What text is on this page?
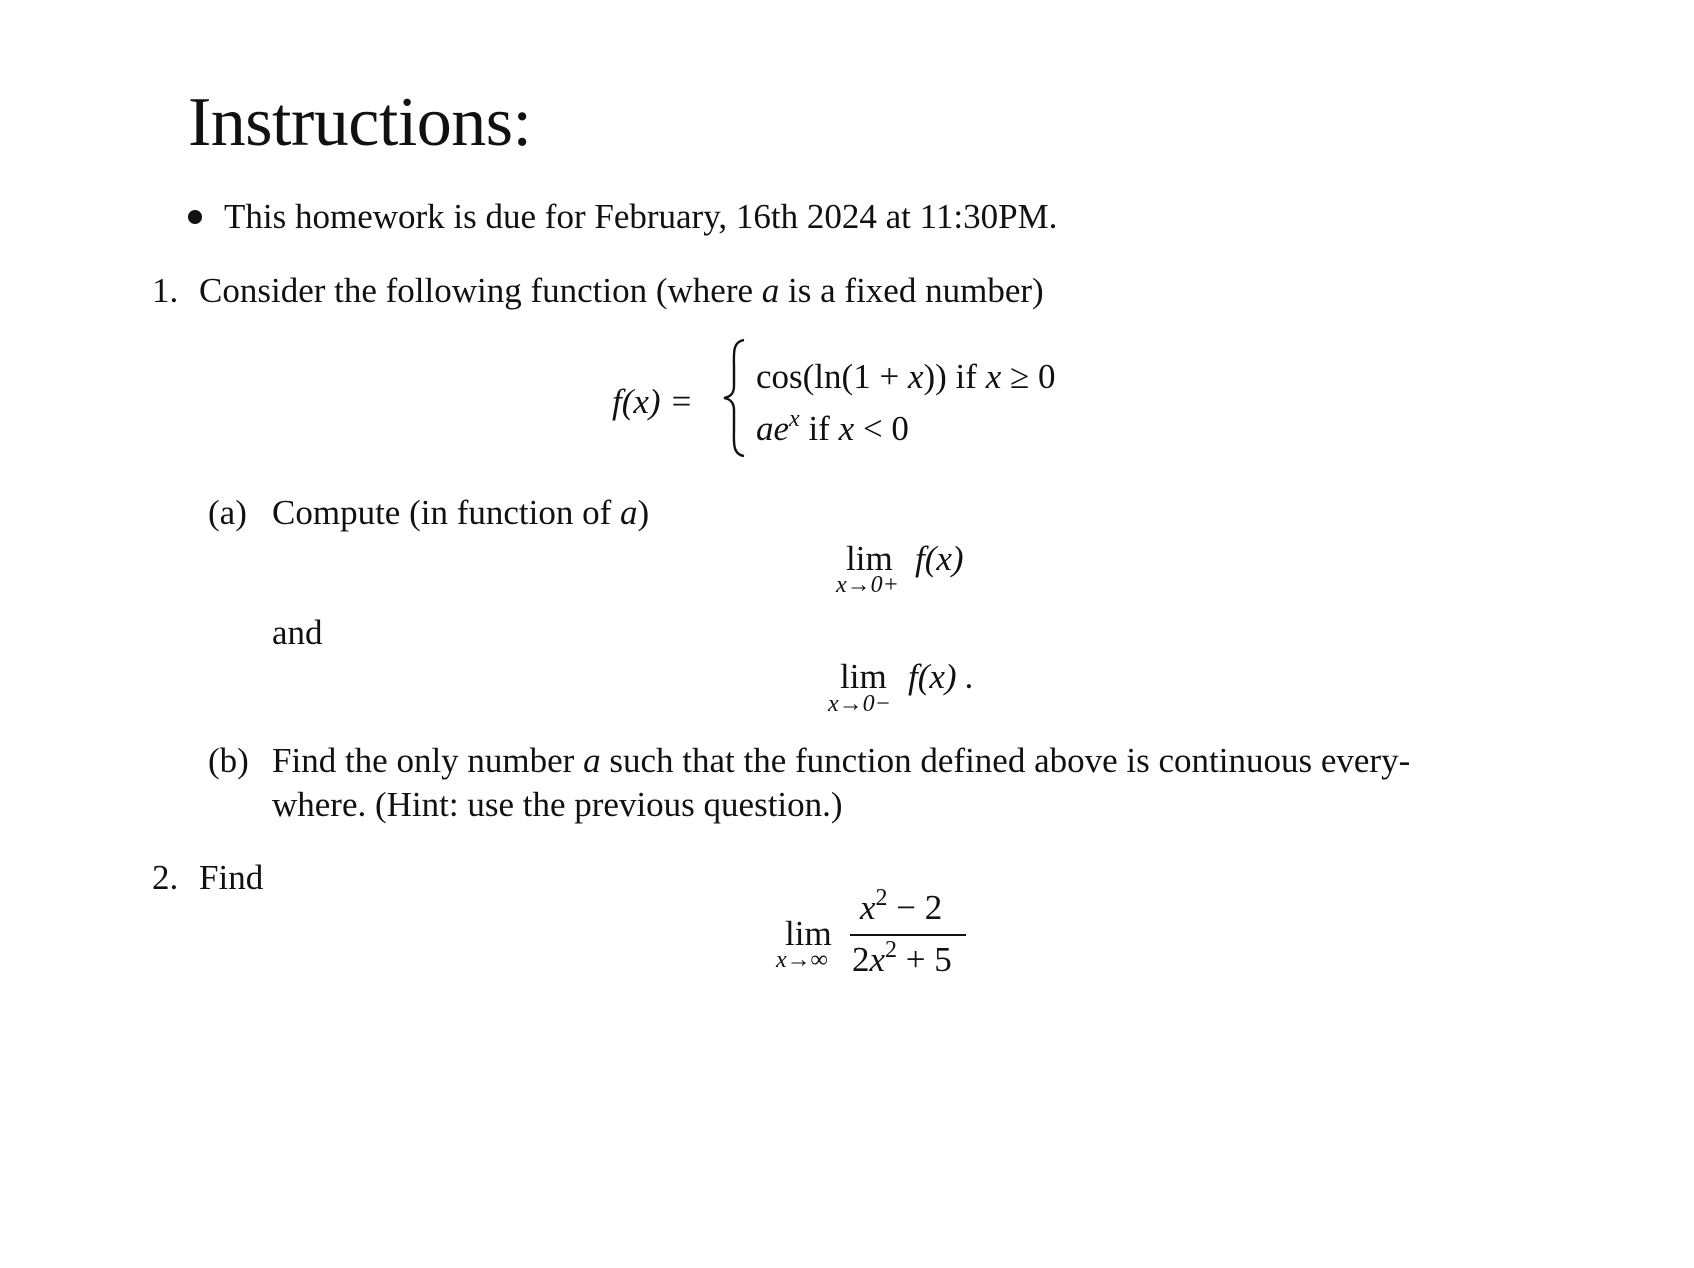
Instructions:
This homework is due for February, 16th 2024 at 11:30PM.
1. Consider the following function (where a is a fixed number)
f(x) =
cos(ln(1 + x)) if x ≥ 0
$ae^x$ if x < 0
(a) Compute (in function of a)
lim f(x)
x→0+
and
lim f(x) .
x→0−
(b) Find the only number a such that the function defined above is continuous every-
where. (Hint: use the previous question.)
2. Find
lim
x→∞
$x^2 - 2$
$2x^2 + 5$
